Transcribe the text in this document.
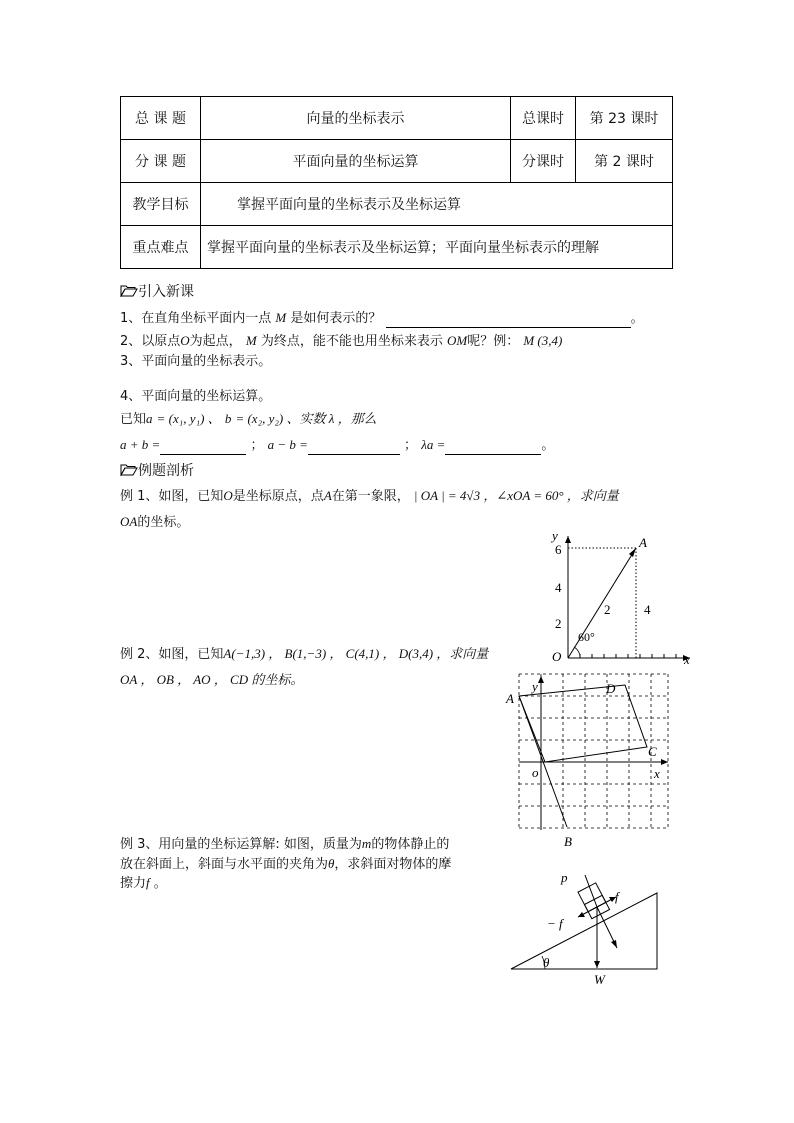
总 课 题	向量的坐标表示	总课时	第 23 课时
分 课 题	平面向量的坐标运算	分课时	第 2 课时
教学目标	掌握平面向量的坐标表示及坐标运算		
重点难点	掌握平面向量的坐标表示及坐标运算；平面向量坐标表示的理解		
引入新课
1、在直角坐标平面内一点 M 是如何表示的？	。
2、以原点O为起点， M 为终点，能不能也用坐标来表示 OM呢？例： M (3,4)
3、平面向量的坐标表示。
4、平面向量的坐标运算。
已知a = (x₁, y₁) 、 b = (x₂, y₂) 、实数 λ ，那么
a + b =	； a − b =	； λa =	。
例题剖析
例 1、如图，已知O是坐标原点，点A在第一象限， | OA | = 4√3 ，∠xOA = 60° ，求向量
OA的坐标。
y
x
O
A
6
4
2
2	4
60°
例 2、如图，已知A(−1,3) ， B(1,−3) ， C(4,1) ， D(3,4) ，求向量
OA ， OB ， AO ， CD 的坐标。
A
D
C
B
o	x
y
例 3、用向量的坐标运算解: 如图，质量为m的物体静止的
放在斜面上，斜面与水平面的夹角为θ，求斜面对物体的摩
擦力f 。	p
f
− f
θ
W
